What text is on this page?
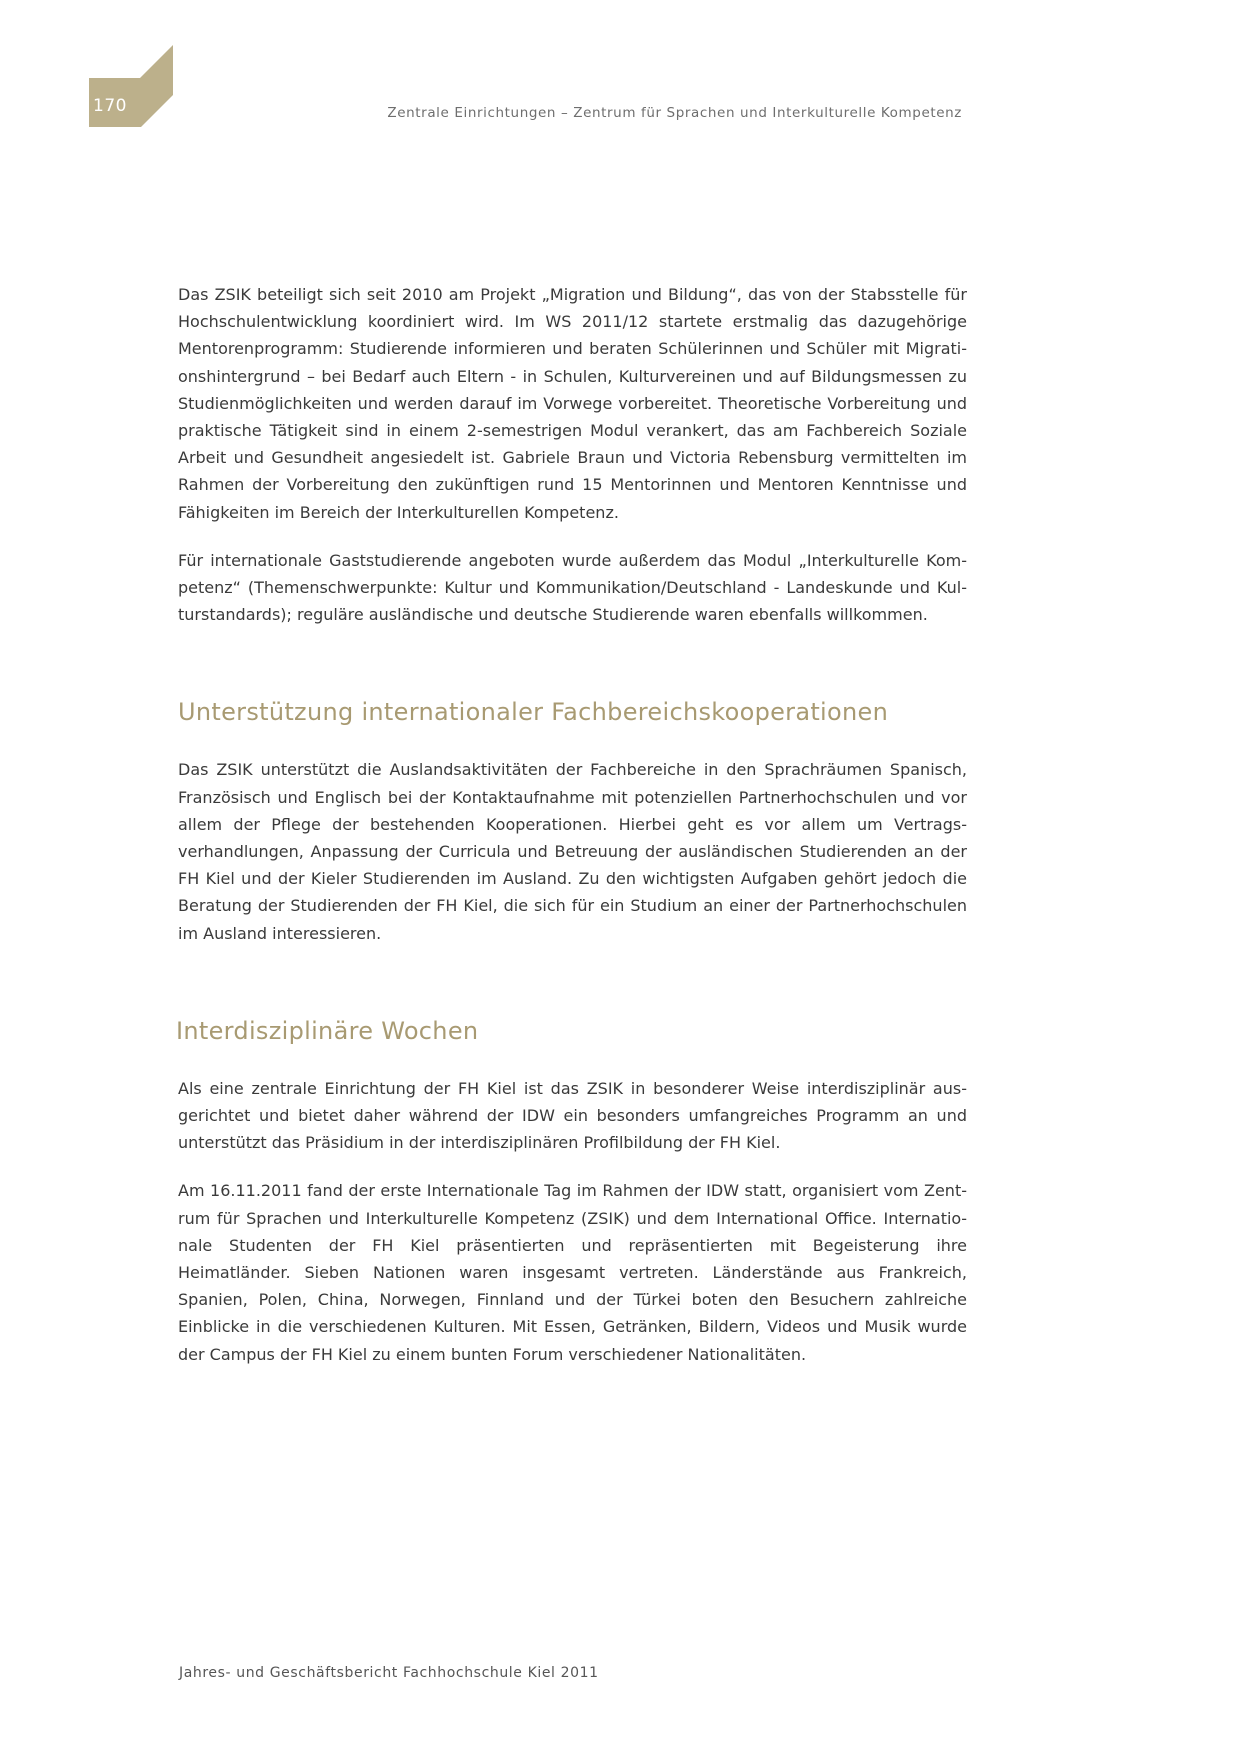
170	Zentrale Einrichtungen – Zentrum für Sprachen und Interkulturelle Kompetenz

Das ZSIK beteiligt sich seit 2010 am Projekt „Migration und Bildung“, das von der Stabsstelle für Hochschulentwicklung koordiniert wird. Im WS 2011/12 startete erstmalig das dazugehörige Mentorenprogramm: Studierende informieren und beraten Schülerinnen und Schüler mit Migrationshintergrund – bei Bedarf auch Eltern - in Schulen, Kulturvereinen und auf Bildungsmessen zu Studienmöglichkeiten und werden darauf im Vorwege vorbereitet. Theoretische Vorbereitung und praktische Tätigkeit sind in einem 2-semestrigen Modul verankert, das am Fachbereich Soziale Arbeit und Gesundheit angesiedelt ist. Gabriele Braun und Victoria Rebensburg vermittelten im Rahmen der Vorbereitung den zukünftigen rund 15 Mentorinnen und Mentoren Kenntnisse und Fähigkeiten im Bereich der Interkulturellen Kompetenz.

Für internationale Gaststudierende angeboten wurde außerdem das Modul „Interkulturelle Kompetenz“ (Themenschwerpunkte: Kultur und Kommunikation/Deutschland - Landeskunde und Kulturstandards); reguläre ausländische und deutsche Studierende waren ebenfalls willkommen.

Unterstützung internationaler Fachbereichskooperationen

Das ZSIK unterstützt die Auslandsaktivitäten der Fachbereiche in den Sprachräumen Spanisch, Französisch und Englisch bei der Kontaktaufnahme mit potenziellen Partnerhochschulen und vor allem der Pflege der bestehenden Kooperationen. Hierbei geht es vor allem um Vertragsverhandlungen, Anpassung der Curricula und Betreuung der ausländischen Studierenden an der FH Kiel und der Kieler Studierenden im Ausland. Zu den wichtigsten Aufgaben gehört jedoch die Beratung der Studierenden der FH Kiel, die sich für ein Studium an einer der Partnerhochschulen im Ausland interessieren.

Interdisziplinäre Wochen

Als eine zentrale Einrichtung der FH Kiel ist das ZSIK in besonderer Weise interdisziplinär ausgerichtet und bietet daher während der IDW ein besonders umfangreiches Programm an und unterstützt das Präsidium in der interdisziplinären Profilbildung der FH Kiel.

Am 16.11.2011 fand der erste Internationale Tag im Rahmen der IDW statt, organisiert vom Zentrum für Sprachen und Interkulturelle Kompetenz (ZSIK) und dem International Office. Internationale Studenten der FH Kiel präsentierten und repräsentierten mit Begeisterung ihre Heimatländer. Sieben Nationen waren insgesamt vertreten. Länderstände aus Frankreich, Spanien, Polen, China, Norwegen, Finnland und der Türkei boten den Besuchern zahlreiche Einblicke in die verschiedenen Kulturen. Mit Essen, Getränken, Bildern, Videos und Musik wurde der Campus der FH Kiel zu einem bunten Forum verschiedener Nationalitäten.

Jahres- und Geschäftsbericht Fachhochschule Kiel 2011
